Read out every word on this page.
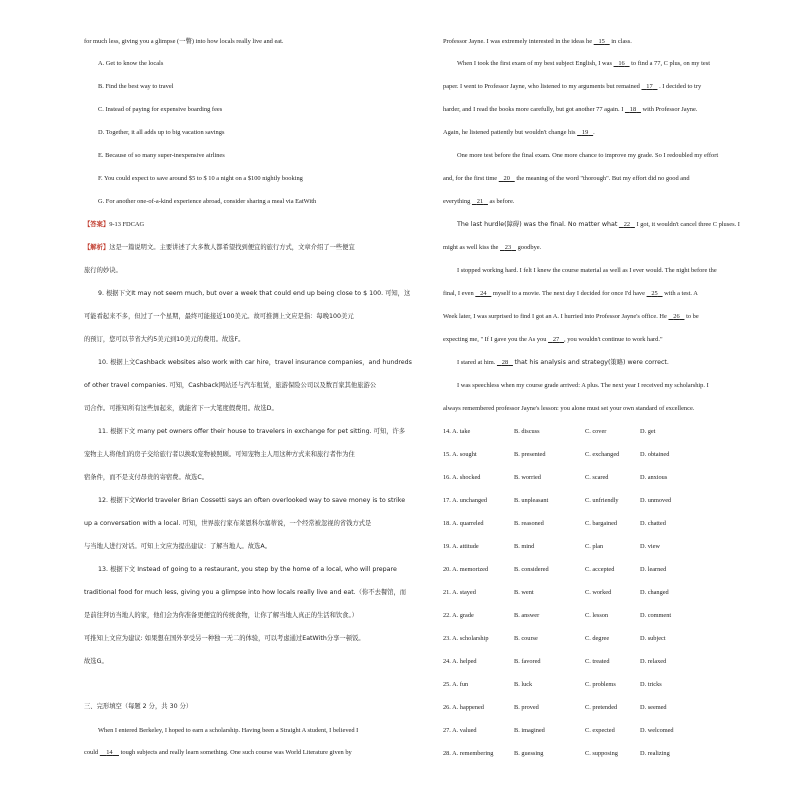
for much less, giving you a glimpse (一瞥) into how locals really live and eat.
A. Get to know the locals
B. Find the best way to travel
C. Instead of paying for expensive boarding fees
D. Together, it all adds up to big vacation savings
E. Because of so many super-inexpensive airlines
F. You could expect to save around $5 to $ 10 a night on a $100 nightly booking
G. For another one-of-a-kind experience abroad, consider sharing a meal via EatWith
【答案】9-13 FDCAG
【解析】这是一篇说明文。主要讲述了大多数人都希望找到便宜的旅行方式，文章介绍了一些便宜
旅行的妙诀。
9. 根据下文It may not seem much, but over a week that could end up being close to $ 100. 可知，这
可能看起来不多，但过了一个星期，最终可能接近100美元。故可推测上文应是指：每晚100美元
的预订，您可以节省大约5美元到10美元的费用。故选F。
10. 根据上文Cashback websites also work with car hire，travel insurance companies，and hundreds
of other travel companies. 可知，Cashback网站还与汽车租赁，旅游保险公司以及数百家其他旅游公
司合作。可推知所有这些加起来，就能省下一大笔度假费用。故选D。
11. 根据下文 many pet owners offer their house to travelers in exchange for pet sitting. 可知，许多
宠物主人将他们的房子交给旅行者以换取宠物被照顾。可知宠物主人用这种方式来和旅行者作为住
宿条件，而不是支付昂贵的寄宿费。故选C。
12. 根据下文World traveler Brian Cossetti says an often overlooked way to save money is to strike
up a conversation with a local. 可知，世界旅行家布莱恩科尔塞蒂说，一个经常被忽视的省钱方式是
与当地人进行对话。可知上文应为提出建议：了解当地人。故选A。
13. 根据下文 Instead of going to a restaurant, you step by the home of a local, who will prepare
traditional food for much less, giving you a glimpse into how locals really live and eat.（你不去餐馆，而
是前往拜访当地人的家，他们会为你准备更便宜的传统食物，让你了解当地人真正的生活和饮食。）
可推知上文应为建议: 如果想在国外享受另一种独一无二的体验，可以考虑通过EatWith分享一顿饭。
故选G。
三、完形填空（每题 2 分，共 30 分）
When I entered Berkeley, I hoped to earn a scholarship. Having been a Straight A student, I believed I
could 14 tough subjects and really learn something. One such course was World Literature given by
Professor Jayne. I was extremely interested in the ideas he 15 in class.
When I took the first exam of my best subject English, I was 16 to find a 77, C plus, on my test
paper. I went to Professor Jayne, who listened to my arguments but remained 17 . I decided to try
harder, and I read the books more carefully, but got another 77 again. I 18 with Professor Jayne.
Again, he listened patiently but wouldn't change his 19 .
One more test before the final exam. One more chance to improve my grade. So I redoubled my effort
and, for the first time 20 the meaning of the word "thorough". But my effort did no good and
everything 21 as before.
The last hurdle(障碍) was the final. No matter what 22 I got, it wouldn't cancel three C pluses. I
might as well kiss the 23 goodbye.
I stopped working hard. I felt I knew the course material as well as I ever would. The night before the
final, I even 24 myself to a movie. The next day I decided for once I'd have 25 with a test. A
Week later, I was surprised to find I got an A. I hurried into Professor Jayne's office. He 26 to be
expecting me, " If I gave you the As you 27 , you wouldn't continue to work hard."
I stared at him. 28 that his analysis and strategy(策略) were correct.
I was speechless when my course grade arrived: A plus. The next year I received my scholarship. I
always remembered professor Jayne's lesson: you alone must set your own standard of excellence.
14. A. take	B. discuss	C. cover	D. get
15. A. sought	B. presented	C. exchanged	D. obtained
16. A. shocked	B. worried	C. scared	D. anxious
17. A. unchanged	B. unpleasant	C. unfriendly	D. unmoved
18. A. quarreled	B. reasoned	C. bargained	D. chatted
19. A. attitude	B. mind	C. plan	D. view
20. A. memorized	B. considered	C. accepted	D. learned
21. A. stayed	B. went	C. worked	D. changed
22. A. grade	B. answer	C. lesson	D. comment
23. A. scholarship	B. course	C. degree	D. subject
24. A. helped	B. favored	C. treated	D. relaxed
25. A. fun	B. luck	C. problems	D. tricks
26. A. happened	B. proved	C. pretended	D. seemed
27. A. valued	B. imagined	C. expected	D. welcomed
28. A. remembering	B. guessing	C. supposing	D. realizing
